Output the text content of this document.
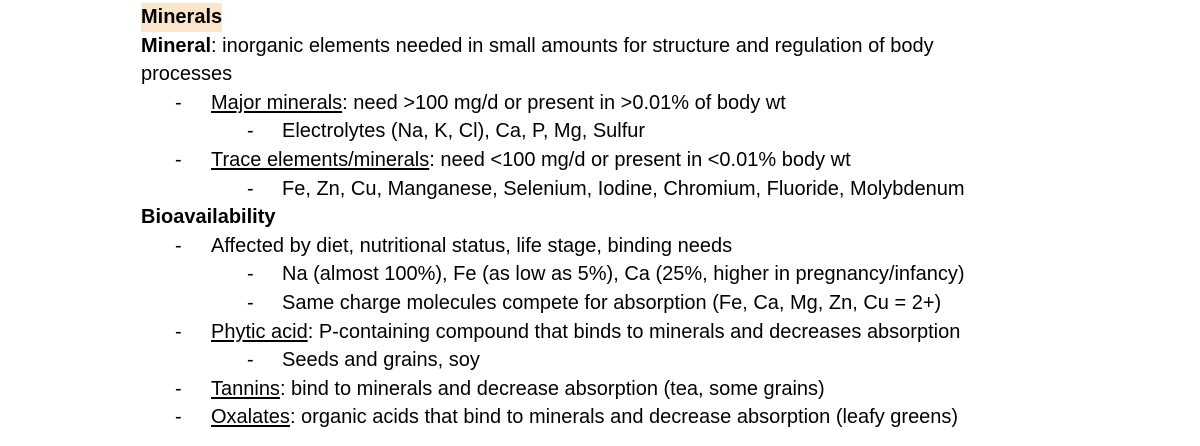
Minerals
Mineral: inorganic elements needed in small amounts for structure and regulation of body
processes
-	Major minerals: need >100 mg/d or present in >0.01% of body wt
-	Electrolytes (Na, K, Cl), Ca, P, Mg, Sulfur
-	Trace elements/minerals: need <100 mg/d or present in <0.01% body wt
-	Fe, Zn, Cu, Manganese, Selenium, Iodine, Chromium, Fluoride, Molybdenum
Bioavailability
-	Affected by diet, nutritional status, life stage, binding needs
-	Na (almost 100%), Fe (as low as 5%), Ca (25%, higher in pregnancy/infancy)
-	Same charge molecules compete for absorption (Fe, Ca, Mg, Zn, Cu = 2+)
-	Phytic acid: P-containing compound that binds to minerals and decreases absorption
-	Seeds and grains, soy
-	Tannins: bind to minerals and decrease absorption (tea, some grains)
-	Oxalates: organic acids that bind to minerals and decrease absorption (leafy greens)
